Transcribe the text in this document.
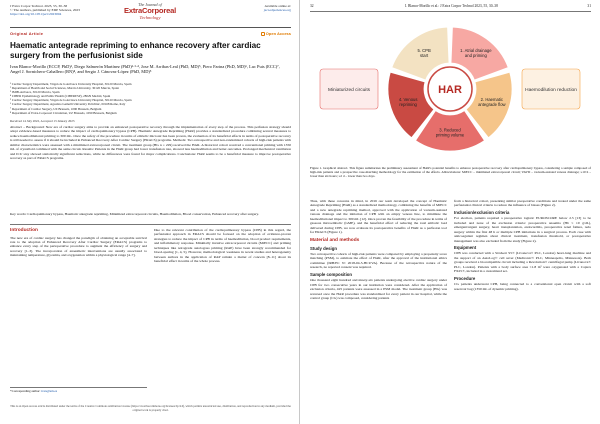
J Extra Corpor Technol. 2023, 55, 30–38
© The Authors, published by EDP Sciences, 2023
https://doi.org/10.1051/ject/2023004
The Journal of
ExtraCorporeal
Technology
Available online at:
ject.edpsciences.org
Original Article	Open Access
Haematic antegrade repriming to enhance recovery after cardiac surgery from the perfusionist side
Ivan Blanco-Morillo (ECCP, PhD)¹, Diego Salmerón Martínez (PhD)²·³·⁴, Jose M. Arribas-Leal (PhD, MD)⁵, Piero Farina (PhD, MD)⁶, Luc Puis (ECC)⁷, Angel J. Sornichero-Caballero (RN)⁸, and Sergio J. Cánovas-López (PhD, MD)⁵
¹ Cardiac Surgery Department, Virgen de la Arrixaca University Hospital, 30120 Murcia, Spain
² Department of Health and Social Sciences, Murcia University, 30120 Murcia, Spain
³ IMIB-Arrixaca, 30120 Murcia, Spain
⁴ CIBER Epidemiology and Public Health (CIBERESP), 28029 Madrid, Spain
⁵ Cardiac Surgery Department, Virgen de la Arrixaca University Hospital, 30120 Murcia, Spain
⁶ Cardiac Surgery Department, Agostino Gemelli University Policlinic, 00168 Rome, Italy
⁷ Department of Cardiac Surgery, UZ Brussels, 1090 Brussels, Belgium
⁸ Department of Extra-Corporeal Circulation, UZ Brussels, 1090 Brussels, Belgium
Received 14 July 2022, Accepted 13 January 2023
Abstract – Background: New era of cardiac surgery aims to provide an enhanced postoperative recovery through the implementation of every step of the process. This perfusion strategy should adopt evidence-based measures to reduce the impact of cardiopulmonary bypass (CPB). Haematic Antegrade Repriming (HAR) provides a standardized procedure combining several measures to reduce haemodilutional priming to 300 mL. Once the safety of the procedure in terms of embolic microair has been proven, the evaluation of its beneficial effects in terms of postoperative recovery is still needed to assess if it should be included in Enhanced Recovery After Cardiac Surgery (ERACS) programs. Methods: Two retrospective and non-randomized cohorts of high-risk patients with similar characteristics were assessed with a minimized extracorporeal circuit. The treatment group (HG n = 229) received the HAR. A historical cohort received a conventional priming with 1350 mL of crystalloid combined with the same circuit. Results: Patients in the HAR group had lower transfusion rate, showed less haemodilution and better outcomes. Prolonged mechanical ventilation and ICU stay showed statistically significant reductions, while no differences were found for major complications. Conclusions: HAR seems to be a beneficial measure to improve postoperative recovery as part of ERACS programs.
Key words: Cardiopulmonary bypass, Haematic antegrade repriming, Minimized extracorporeal circuits, Haemodilution, Blood conservation, Enhanced recovery after surgery.
Introduction
The new era of cardiac surgery has changed the paradigm of obtaining an acceptable survival rate to the adoption of Enhanced Recovery After Cardiac Surgery (ERACS) programs to enhance every step of the perioperative procedure to augment the efficiency of surgery and recovery [1–3]. The incorporation of anaesthetic interventions are usually associated to maintaining temperature, glycemia, and oxygenation within a physiological range [4–7].
Due to the relevant contribution of the cardiopulmonary bypass (CPB) in this regard, the perfusionist approach in ERACS should be focused on the adoption of evidence-proven strategies to reduce the impact of CPB in terms of haemodilution, blood product requirements, and inflammatory response. Minimally invasive extracorporeal circuits (MiECC) and priming techniques like retrograde autologous priming (RAP) have been strongly recommended for blood-sparing [1, 4, 5]. However, methodological weakness in recent studies and heterogeneity between authors in the application of RAP remain a matter of concern [8–11] about its beneficial effect in terms of the whole process.
*Corresponding author: ivan@um.es
This is an Open Access article distributed under the terms of the Creative Commons Attribution License (https://creativecommons.org/licenses/by/4.0), which permits unrestricted use, distribution, and reproduction in any medium, provided the original work is properly cited.
32	I. Blanco-Morillo et al.: J Extra Corpor Technol 2023, 55, 30–38	31
HAR
Miniaturized circuits	Haemodilution reduction
1. Atrial drainage and priming
2. Haematic antegrade flow
3. Reduced priming volume
4. Venous repriming
5. CPB start
Figure 1. Graphical abstract. This figure summarizes the preliminary assessment of HAR's potential benefits to enhance postoperative recovery after cardiopulmonary bypass, considering a sample composed of high-risk patients and a prospective case-matching methodology for the estimation of the effects. Abbreviations: MiECC – minimized extracorporeal circuit; VAVD – vacuum-assisted venous drainage; ≤10 h – lower than six hours; ≤2 d – lower than two days.
Thus, with these concerns in mind, in 2016 our team developed the concept of Haematic Antegrade Repriming (HAR) as a standardized methodology, combining the benefits of MiECC and a new antegrade repriming method, approved with the application of vacuum-assisted venous drainage and the initiation of CPB with an empty venous line, to minimize the haemodilutional impact to 300 mL [12]. Once proven the feasibility of the procedure in terms of gaseous microembolic (GME), and the beneficial effect of reducing the total embolic load delivered during CPB, we now evaluate its postoperative benefits of HAR as a perfusion tool for ERACS (Figure 1).
Material and methods
Study design
Two retrospective cohorts of high-risk patients were compared by employing a propensity score matching (PSM), to estimate the effect of HAR, after the approval of the institutional ethics committee (IRB/EC N: 2018-04-5-HCUVA). Because of the retrospective nature of the research, no reported consent was required.
Sample composition
One thousand eight hundred and ninety-six patients undergoing elective cardiac surgery under CPB for two consecutive years in our institution were considered. After the application of exclusion criteria, 425 patients were assessed in a PSM model. The treatment group (HG) was reversed once the HAR procedure was standardized for every patient in our hospital, while the control group (CG) was composed, considering patients
from a historical cohort, presenting similar preoperative conditions and treated under the same perfusionist clinical criteria to reduce the influence of biases (Figure 2).
Inclusion/exclusion criteria
For election, patients required a preoperative logistic EUROSCORE below 2.5 [13] to be included and none of the exclusion criteria: preoperative anaemia (Hb ≤ 10 g/dL), emergent/urgent surgery, heart transplantation, endocarditis, preoperative renal failure, redo surgery within the first 48 h or multiple CPB initiations in a surgical process. Each case with anticoagulant regimen about clinical treatment, transfusion threshold, or postoperative management was also excluded from the study (Figure 2).
Equipment
CPB was conducted with a Stöckert S5® (Livanova® PLC, London) heart-lung machine and the support of an AutoLog® cell saver (Medtronic® PLC, Minneapolis, Minnesota). Both groups received a biocompatible circuit including a Revolution® centrifugal pump (Livanova® PLC, London). Patients with a body surface area ≤1.8 m² were oxygenated with a Capiox FX25®, included in a customized set.
Procedure
CG patients underwent CPB, being connected to a conventional open circuit with a soft reservoir bag (1350 mL of dynamic priming).
